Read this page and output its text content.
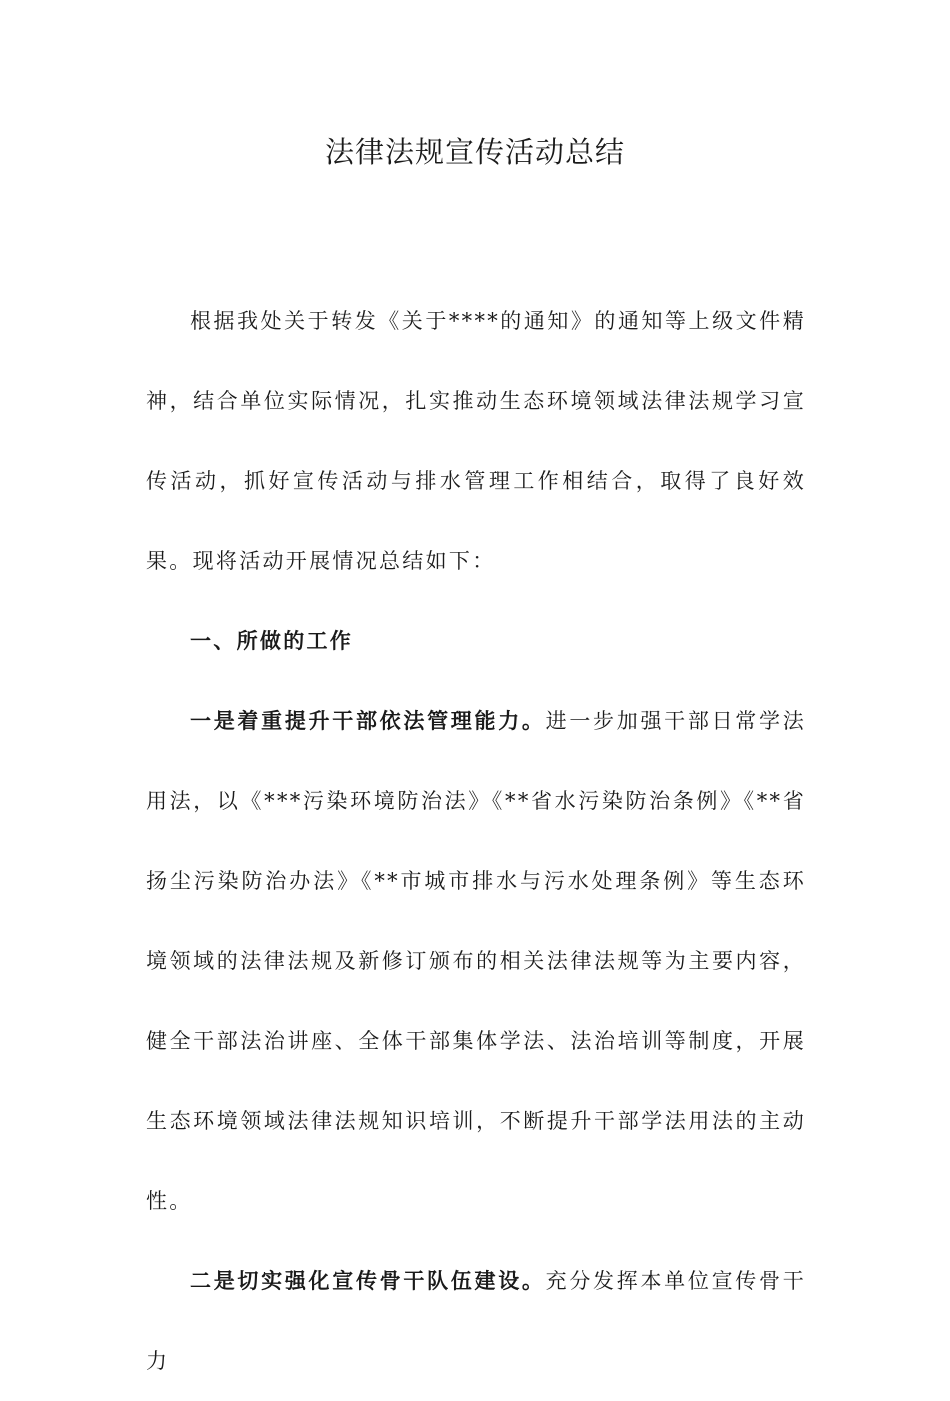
法律法规宣传活动总结

根据我处关于转发《关于****的通知》的通知等上级文件精神，结合单位实际情况，扎实推动生态环境领域法律法规学习宣传活动，抓好宣传活动与排水管理工作相结合，取得了良好效果。现将活动开展情况总结如下：

一、所做的工作

一是着重提升干部依法管理能力。进一步加强干部日常学法用法，以《***污染环境防治法》《**省水污染防治条例》《**省扬尘污染防治办法》《**市城市排水与污水处理条例》等生态环境领域的法律法规及新修订颁布的相关法律法规等为主要内容，健全干部法治讲座、全体干部集体学法、法治培训等制度，开展生态环境领域法律法规知识培训，不断提升干部学法用法的主动性。

二是切实强化宣传骨干队伍建设。充分发挥本单位宣传骨干力
